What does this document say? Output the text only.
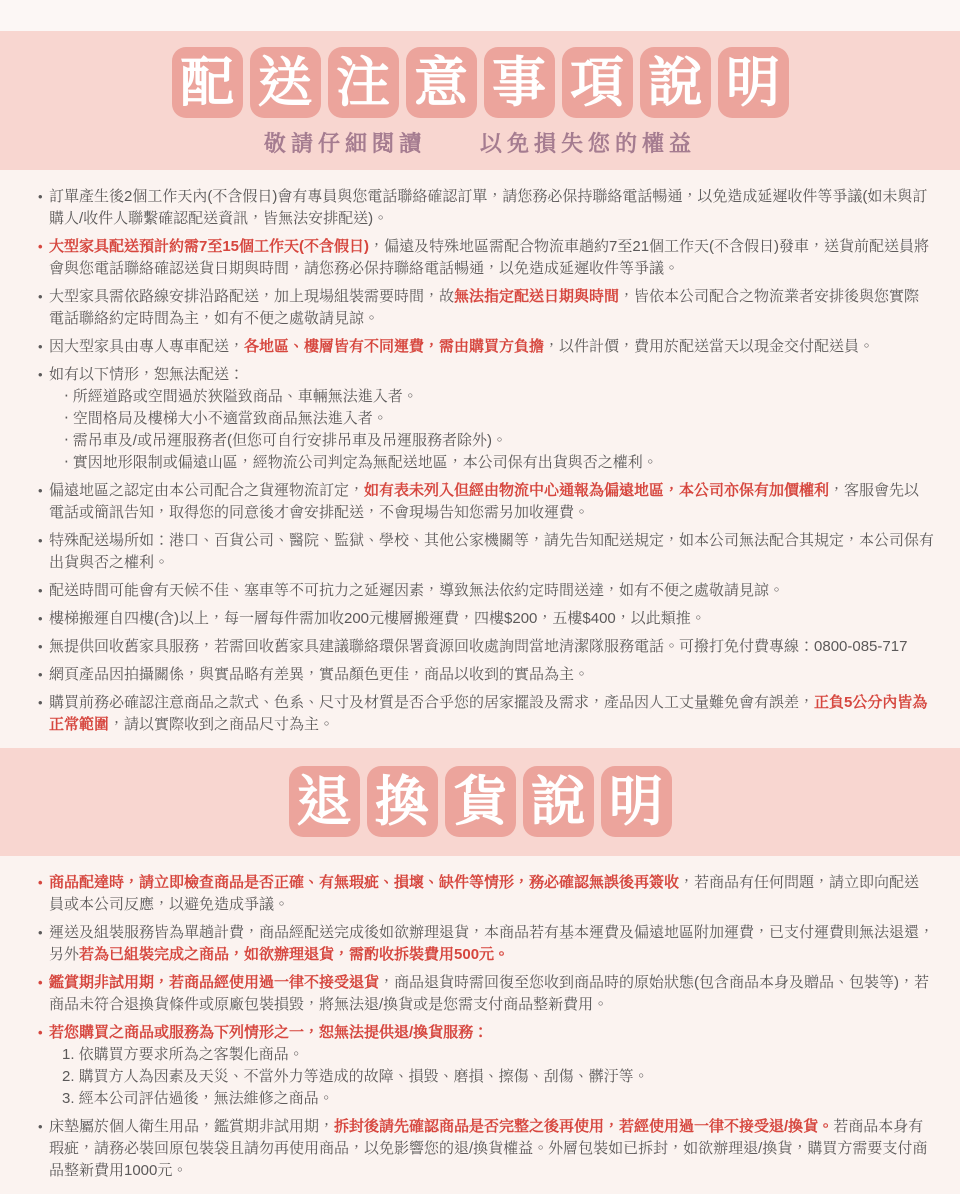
配 送 注 意 事 項 說 明
敬請仔細閱讀　　以免損失您的權益
• 訂單產生後2個工作天內(不含假日)會有專員與您電話聯絡確認訂單，請您務必保持聯絡電話暢通，以免造成延遲收件等爭議(如未與訂購人/收件人聯繫確認配送資訊，皆無法安排配送)。
• 大型家具配送預計約需7至15個工作天(不含假日)，偏遠及特殊地區需配合物流車趟約7至21個工作天(不含假日)發車，送貨前配送員將會與您電話聯絡確認送貨日期與時間，請您務必保持聯絡電話暢通，以免造成延遲收件等爭議。
• 大型家具需依路線安排沿路配送，加上現場組裝需要時間，故無法指定配送日期與時間，皆依本公司配合之物流業者安排後與您實際電話聯絡約定時間為主，如有不便之處敬請見諒。
• 因大型家具由專人專車配送，各地區、樓層皆有不同運費，需由購買方負擔，以件計價，費用於配送當天以現金交付配送員。
• 如有以下情形，恕無法配送：
‧ 所經道路或空間過於狹隘致商品、車輛無法進入者。
‧ 空間格局及樓梯大小不適當致商品無法進入者。
‧ 需吊車及/或吊運服務者(但您可自行安排吊車及吊運服務者除外)。
‧ 實因地形限制或偏遠山區，經物流公司判定為無配送地區，本公司保有出貨與否之權利。
• 偏遠地區之認定由本公司配合之貨運物流訂定，如有表未列入但經由物流中心通報為偏遠地區，本公司亦保有加價權利，客服會先以電話或簡訊告知，取得您的同意後才會安排配送，不會現場告知您需另加收運費。
• 特殊配送場所如：港口、百貨公司、醫院、監獄、學校、其他公家機關等，請先告知配送規定，如本公司無法配合其規定，本公司保有出貨與否之權利。
• 配送時間可能會有天候不佳、塞車等不可抗力之延遲因素，導致無法依約定時間送達，如有不便之處敬請見諒。
• 樓梯搬運自四樓(含)以上，每一層每件需加收200元樓層搬運費，四樓$200，五樓$400，以此類推。
• 無提供回收舊家具服務，若需回收舊家具建議聯絡環保署資源回收處詢問當地清潔隊服務電話。可撥打免付費專線：0800-085-717
• 網頁產品因拍攝關係，與實品略有差異，實品顏色更佳，商品以收到的實品為主。
• 購買前務必確認注意商品之款式、色系、尺寸及材質是否合乎您的居家擺設及需求，產品因人工丈量難免會有誤差，正負5公分內皆為正常範圍，請以實際收到之商品尺寸為主。
退 換 貨 說 明
• 商品配達時，請立即檢查商品是否正確、有無瑕疵、損壞、缺件等情形，務必確認無誤後再簽收，若商品有任何問題，請立即向配送員或本公司反應，以避免造成爭議。
• 運送及組裝服務皆為單趟計費，商品經配送完成後如欲辦理退貨，本商品若有基本運費及偏遠地區附加運費，已支付運費則無法退還，另外若為已組裝完成之商品，如欲辦理退貨，需酌收拆裝費用500元。
• 鑑賞期非試用期，若商品經使用過一律不接受退貨，商品退貨時需回復至您收到商品時的原始狀態(包含商品本身及贈品、包裝等)，若商品未符合退換貨條件或原廠包裝損毀，將無法退/換貨或是您需支付商品整新費用。
• 若您購買之商品或服務為下列情形之一，恕無法提供退/換貨服務：
1. 依購買方要求所為之客製化商品。
2. 購買方人為因素及天災、不當外力等造成的故障、損毀、磨損、擦傷、刮傷、髒汙等。
3. 經本公司評估過後，無法維修之商品。
• 床墊屬於個人衛生用品，鑑賞期非試用期，拆封後請先確認商品是否完整之後再使用，若經使用過一律不接受退/換貨。若商品本身有瑕疵，請務必裝回原包裝袋且請勿再使用商品，以免影響您的退/換貨權益。外層包裝如已拆封，如欲辦理退/換貨，購買方需要支付商品整新費用1000元。
